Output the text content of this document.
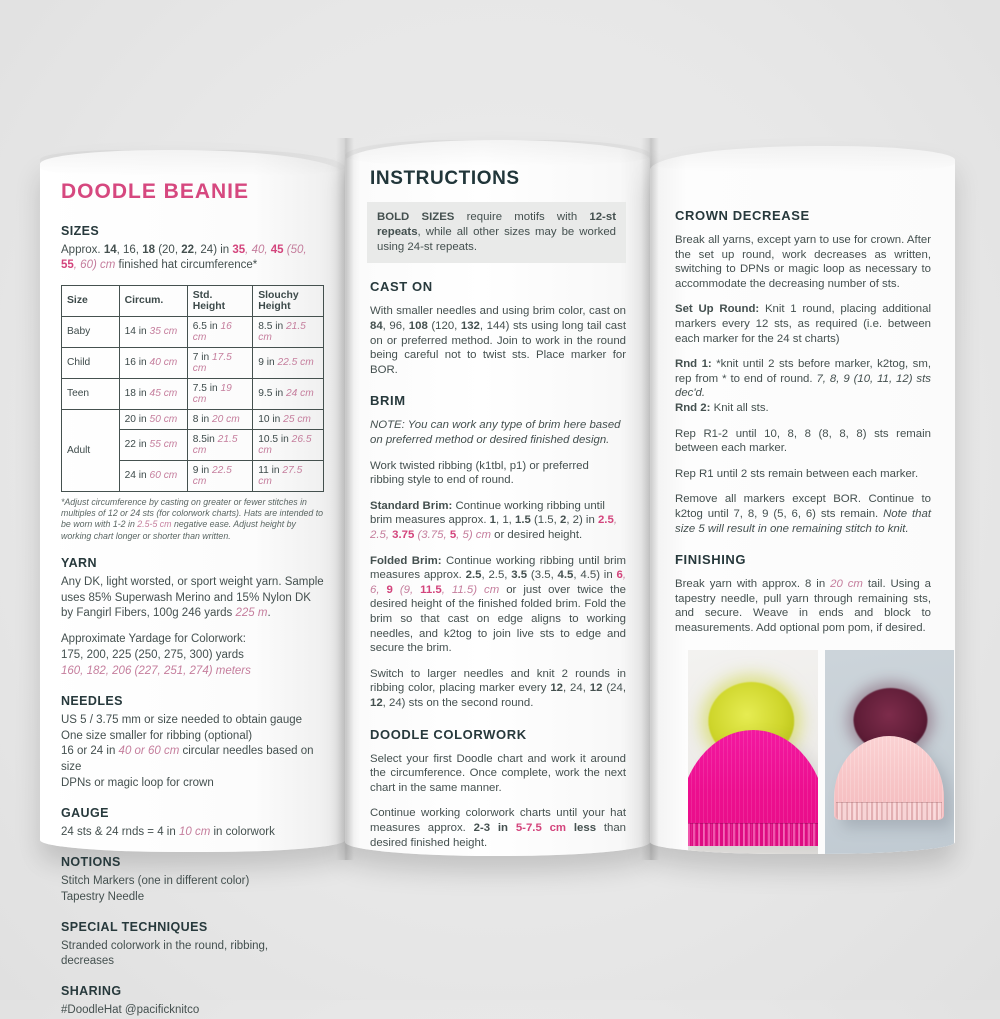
DOODLE BEANIE
SIZES
Approx. 14, 16, 18 (20, 22, 24) in 35, 40, 45 (50, 55, 60) cm finished hat circumference*
Size	Circum.	Std. Height	Slouchy Height
Baby	14 in 35 cm	6.5 in 16 cm	8.5 in 21.5 cm
Child	16 in 40 cm	7 in 17.5 cm	9 in 22.5 cm
Teen	18 in 45 cm	7.5 in 19 cm	9.5 in 24 cm
Adult	20 in 50 cm	8 in 20 cm	10 in 25 cm
	22 in 55 cm	8.5in 21.5 cm	10.5 in 26.5 cm
	24 in 60 cm	9 in 22.5 cm	11 in 27.5 cm
*Adjust circumference by casting on greater or fewer stitches in multiples of 12 or 24 sts (for colorwork charts). Hats are intended to be worn with 1-2 in 2.5-5 cm negative ease. Adjust height by working chart longer or shorter than written.
YARN
Any DK, light worsted, or sport weight yarn. Sample uses 85% Superwash Merino and 15% Nylon DK by Fangirl Fibers, 100g 246 yards 225 m.
Approximate Yardage for Colorwork:
175, 200, 225 (250, 275, 300) yards
160, 182, 206 (227, 251, 274) meters
NEEDLES
US 5 / 3.75 mm or size needed to obtain gauge
One size smaller for ribbing (optional)
16 or 24 in 40 or 60 cm circular needles based on size
DPNs or magic loop for crown
GAUGE
24 sts & 24 rnds = 4 in 10 cm in colorwork
NOTIONS
Stitch Markers (one in different color)
Tapestry Needle
SPECIAL TECHNIQUES
Stranded colorwork in the round, ribbing, decreases
SHARING
#DoodleHat @pacificknitco
INSTRUCTIONS
BOLD SIZES require motifs with 12-st repeats, while all other sizes may be worked using 24-st repeats.
CAST ON

With smaller needles and using brim color, cast on 84, 96, 108 (120, 132, 144) sts using long tail cast on or preferred method. Join to work in the round being careful not to twist sts. Place marker for BOR.

BRIM

NOTE: You can work any type of brim here based on preferred method or desired finished design.

Work twisted ribbing (k1tbl, p1) or preferred ribbing style to end of round.

Standard Brim: Continue working ribbing until brim measures approx. 1, 1, 1.5 (1.5, 2, 2) in 2.5, 2.5, 3.75 (3.75, 5, 5) cm or desired height.

Folded Brim: Continue working ribbing until brim measures approx. 2.5, 2.5, 3.5 (3.5, 4.5, 4.5) in 6, 6, 9 (9, 11.5, 11.5) cm or just over twice the desired height of the finished folded brim. Fold the brim so that cast on edge aligns to working needles, and k2tog to join live sts to edge and secure the brim.

Switch to larger needles and knit 2 rounds in ribbing color, placing marker every 12, 24, 12 (24, 12, 24) sts on the second round.

DOODLE COLORWORK

Select your first Doodle chart and work it around the circumference. Once complete, work the next chart in the same manner.

Continue working colorwork charts until your hat measures approx. 2-3 in 5-7.5 cm less than desired finished height.

CROWN DECREASE

Break all yarns, except yarn to use for crown. After the set up round, work decreases as written, switching to DPNs or magic loop as necessary to accommodate the decreasing number of sts.

Set Up Round: Knit 1 round, placing additional markers every 12 sts, as required (i.e. between each marker for the 24 st charts)

Rnd 1: *knit until 2 sts before marker, k2tog, sm, rep from * to end of round. 7, 8, 9 (10, 11, 12) sts dec'd.
Rnd 2: Knit all sts.

Rep R1-2 until 10, 8, 8 (8, 8, 8) sts remain between each marker.

Rep R1 until 2 sts remain between each marker.

Remove all markers except BOR. Continue to k2tog until 7, 8, 9 (5, 6, 6) sts remain. Note that size 5 will result in one remaining stitch to knit.

FINISHING

Break yarn with approx. 8 in 20 cm tail. Using a tapestry needle, pull yarn through remaining sts, and secure. Weave in ends and block to measurements. Add optional pom pom, if desired.
